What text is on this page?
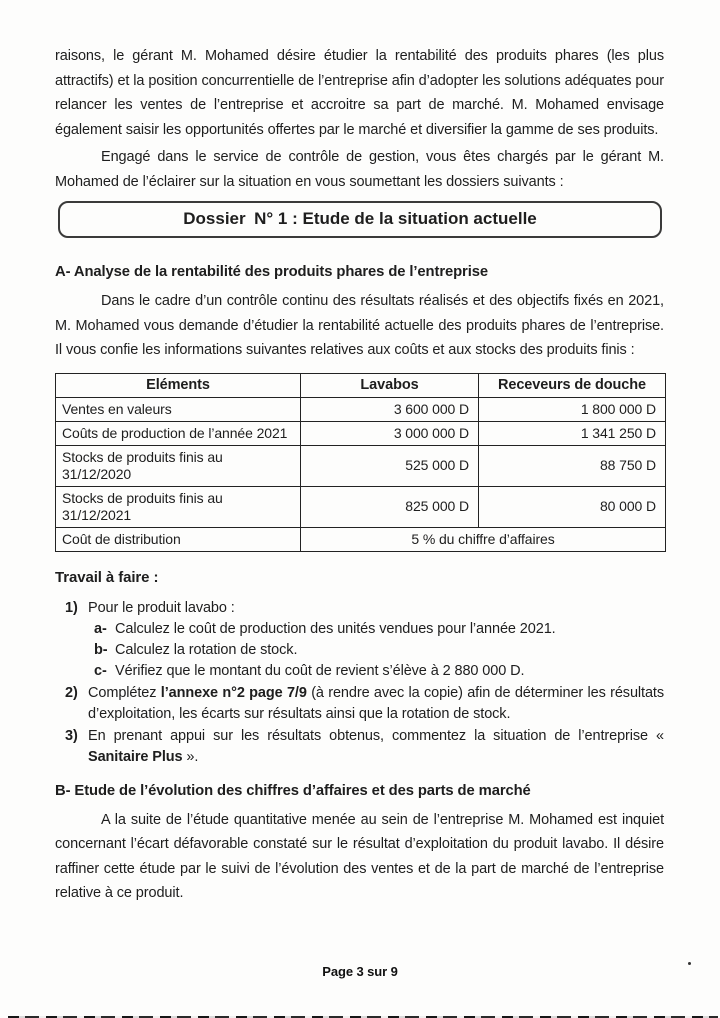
raisons, le gérant M. Mohamed désire étudier la rentabilité des produits phares (les plus attractifs) et la position concurrentielle de l’entreprise afin d’adopter les solutions adéquates pour relancer les ventes de l’entreprise et accroitre sa part de marché. M. Mohamed envisage également saisir les opportunités offertes par le marché et diversifier la gamme de ses produits.

Engagé dans le service de contrôle de gestion, vous êtes chargés par le gérant M. Mohamed de l’éclairer sur la situation en vous soumettant les dossiers suivants :

Dossier N° 1 : Etude de la situation actuelle
A- Analyse de la rentabilité des produits phares de l’entreprise

Dans le cadre d’un contrôle continu des résultats réalisés et des objectifs fixés en 2021, M. Mohamed vous demande d’étudier la rentabilité actuelle des produits phares de l’entreprise. Il vous confie les informations suivantes relatives aux coûts et aux stocks des produits finis :

Eléments	Lavabos	Receveurs de douche
Ventes en valeurs	3 600 000 D	1 800 000 D
Coûts de production de l’année 2021	3 000 000 D	1 341 250 D
Stocks de produits finis au 31/12/2020	525 000 D	88 750 D
Stocks de produits finis au 31/12/2021	825 000 D	80 000 D
Coût de distribution	5 % du chiffre d’affaires	
Travail à faire :
1) Pour le produit lavabo :
a- Calculez le coût de production des unités vendues pour l’année 2021.
b- Calculez la rotation de stock.
c- Vérifiez que le montant du coût de revient s’élève à 2 880 000 D.
2) Complétez l’annexe n°2 page 7/9 (à rendre avec la copie) afin de déterminer les résultats d’exploitation, les écarts sur résultats ainsi que la rotation de stock.
3) En prenant appui sur les résultats obtenus, commentez la situation de l’entreprise « Sanitaire Plus ».
B- Etude de l’évolution des chiffres d’affaires et des parts de marché

A la suite de l’étude quantitative menée au sein de l’entreprise M. Mohamed est inquiet concernant l’écart défavorable constaté sur le résultat d’exploitation du produit lavabo. Il désire raffiner cette étude par le suivi de l’évolution des ventes et de la part de marché de l’entreprise relative à ce produit.

Page 3 sur 9
